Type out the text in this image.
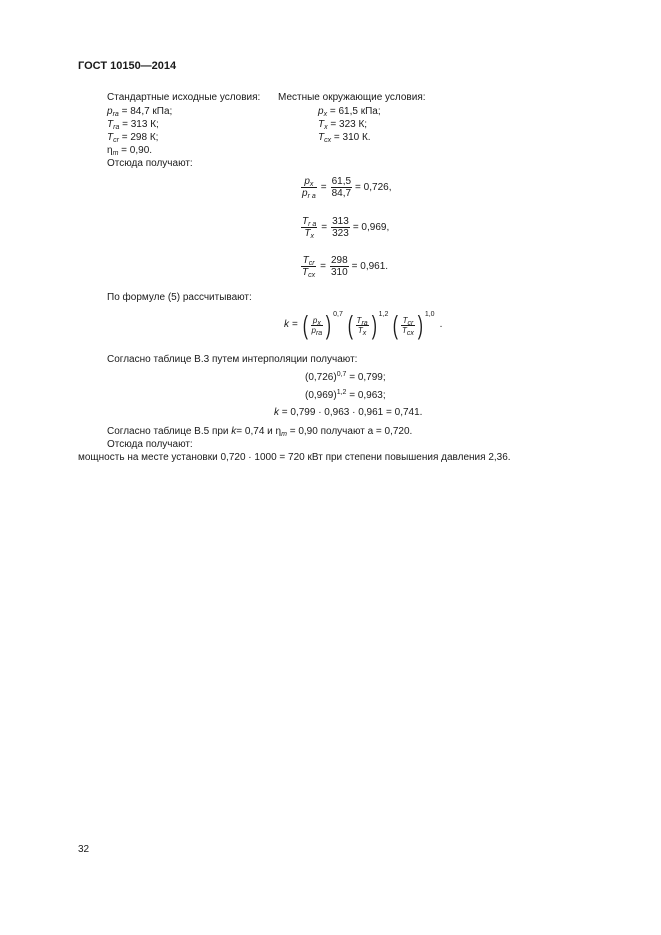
ГОСТ 10150—2014
Стандартные исходные условия: Местные окружающие условия:
$p_{rа} = 84,7$ кПа;
$T_{rа} = 313$ К;
$T_{cr} = 298$ К;
$\eta_m = 0,90$.
$p_x = 61,5$ кПа;
$T_x = 323$ К;
$T_{cx} = 310$ К.
Отсюда получают:
$\frac{p_x}{p_{r a}} = \frac{61,5}{84,7} = 0,726$,
$\frac{T_{r a}}{T_x} = \frac{313}{323} = 0,969$,
$\frac{T_{cr}}{T_{cx}} = \frac{298}{310} = 0,961$.
По формуле (5) рассчитывают:
k = ( $\frac{p_x}{p_{ra}}$ ) 0,7 ( $\frac{T_{ra}}{T_x}$ ) 1,2 ( $\frac{T_{cr}}{T_{cx}}$ ) 1,0
.
Согласно таблице В.3 путем интерполяции получают:
$(0,726)^{0,7} = 0,799$;
$(0,969)^{1,2} = 0,963$;
k = 0,799 · 0,963 · 0,961 = 0,741.
Согласно таблице В.5 при k= 0,74 и $\eta_m = 0,90$ получают a = 0,720.
Отсюда получают:
мощность на месте установки 0,720 · 1000 = 720 кВт при степени повышения давления 2,36.
32
